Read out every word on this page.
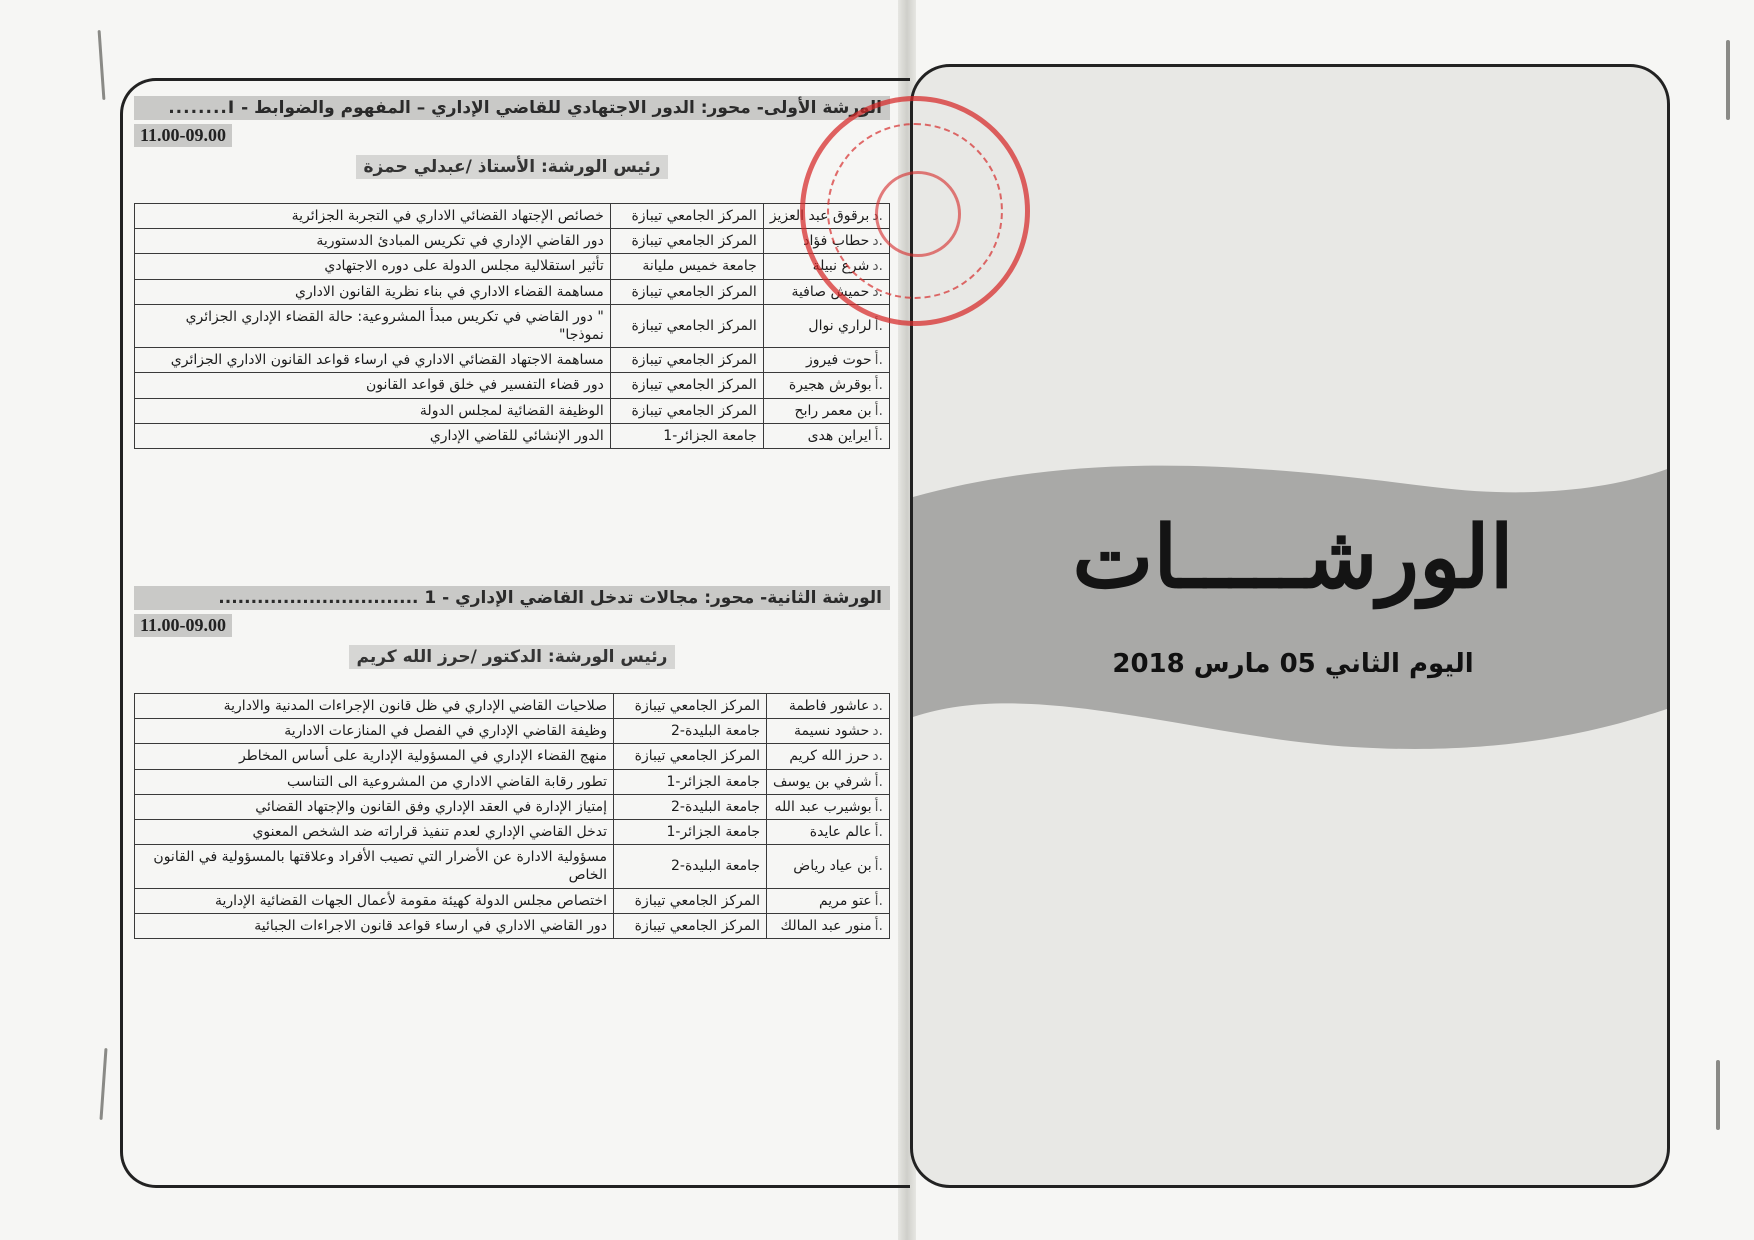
الورشة الأولى- محور: الدور الاجتهادي للقاضي الإداري – المفهوم والضوابط - I........
11.00-09.00
رئيس الورشة: الأستاذ /عبدلي حمزة
.دبرقوق عبد العزيز	المركز الجامعي تيبازة	خصائص الإجتهاد القضائي الاداري في التجربة الجزائرية
.دحطاب فؤاد	المركز الجامعي تيبازة	دور القاضي الإداري في تكريس المبادئ الدستورية
.دشرع نبيلة	جامعة خميس مليانة	تأثير استقلالية مجلس الدولة على دوره الاجتهادي
.دحميش صافية	المركز الجامعي تيبازة	مساهمة القضاء الاداري في بناء نظرية القانون الاداري
.ألراري نوال	المركز الجامعي تيبازة	" دور القاضي في تكريس مبدأ المشروعية: حالة القضاء الإداري الجزائري نموذجا"
.أحوت فيروز	المركز الجامعي تيبازة	مساهمة الاجتهاد القضائي الاداري في ارساء قواعد القانون الاداري الجزائري
.أبوقرش هجيرة	المركز الجامعي تيبازة	دور قضاء التفسير في خلق قواعد القانون
.أبن معمر رابح	المركز الجامعي تيبازة	الوظيفة القضائية لمجلس الدولة
.أايراين هدى	جامعة الجزائر-1	الدور الإنشائي للقاضي الإداري
الورشة الثانية- محور: مجالات تدخل القاضي الإداري - 1 ...............................
11.00-09.00
رئيس الورشة: الدكتور /حرز الله كريم
.دعاشور فاطمة	المركز الجامعي تيبازة	صلاحيات القاضي الإداري في ظل قانون الإجراءات المدنية والادارية
.دحشود نسيمة	جامعة البليدة-2	وظيفة القاضي الإداري في الفصل في المنازعات الادارية
.دحرز الله كريم	المركز الجامعي تيبازة	منهج القضاء الإداري في المسؤولية الإدارية على أساس المخاطر
.أشرفي بن يوسف	جامعة الجزائر-1	تطور رقابة القاضي الاداري من المشروعية الى التناسب
.أبوشيرب عبد الله	جامعة البليدة-2	إمتياز الإدارة في العقد الإداري وفق القانون والإجتهاد القضائي
.أعالم عايدة	جامعة الجزائر-1	تدخل القاضي الإداري لعدم تنفيذ قراراته ضد الشخص المعنوي
.أبن عياد رياض	جامعة البليدة-2	مسؤولية الادارة عن الأضرار التي تصيب الأفراد وعلاقتها بالمسؤولية في القانون الخاص
.أعتو مريم	المركز الجامعي تيبازة	اختصاص مجلس الدولة كهيئة مقومة لأعمال الجهات القضائية الإدارية
.أمنور عبد المالك	المركز الجامعي تيبازة	دور القاضي الاداري في ارساء قواعد قانون الاجراءات الجبائية
الورشـــــات
اليوم الثاني 05 مارس 2018
